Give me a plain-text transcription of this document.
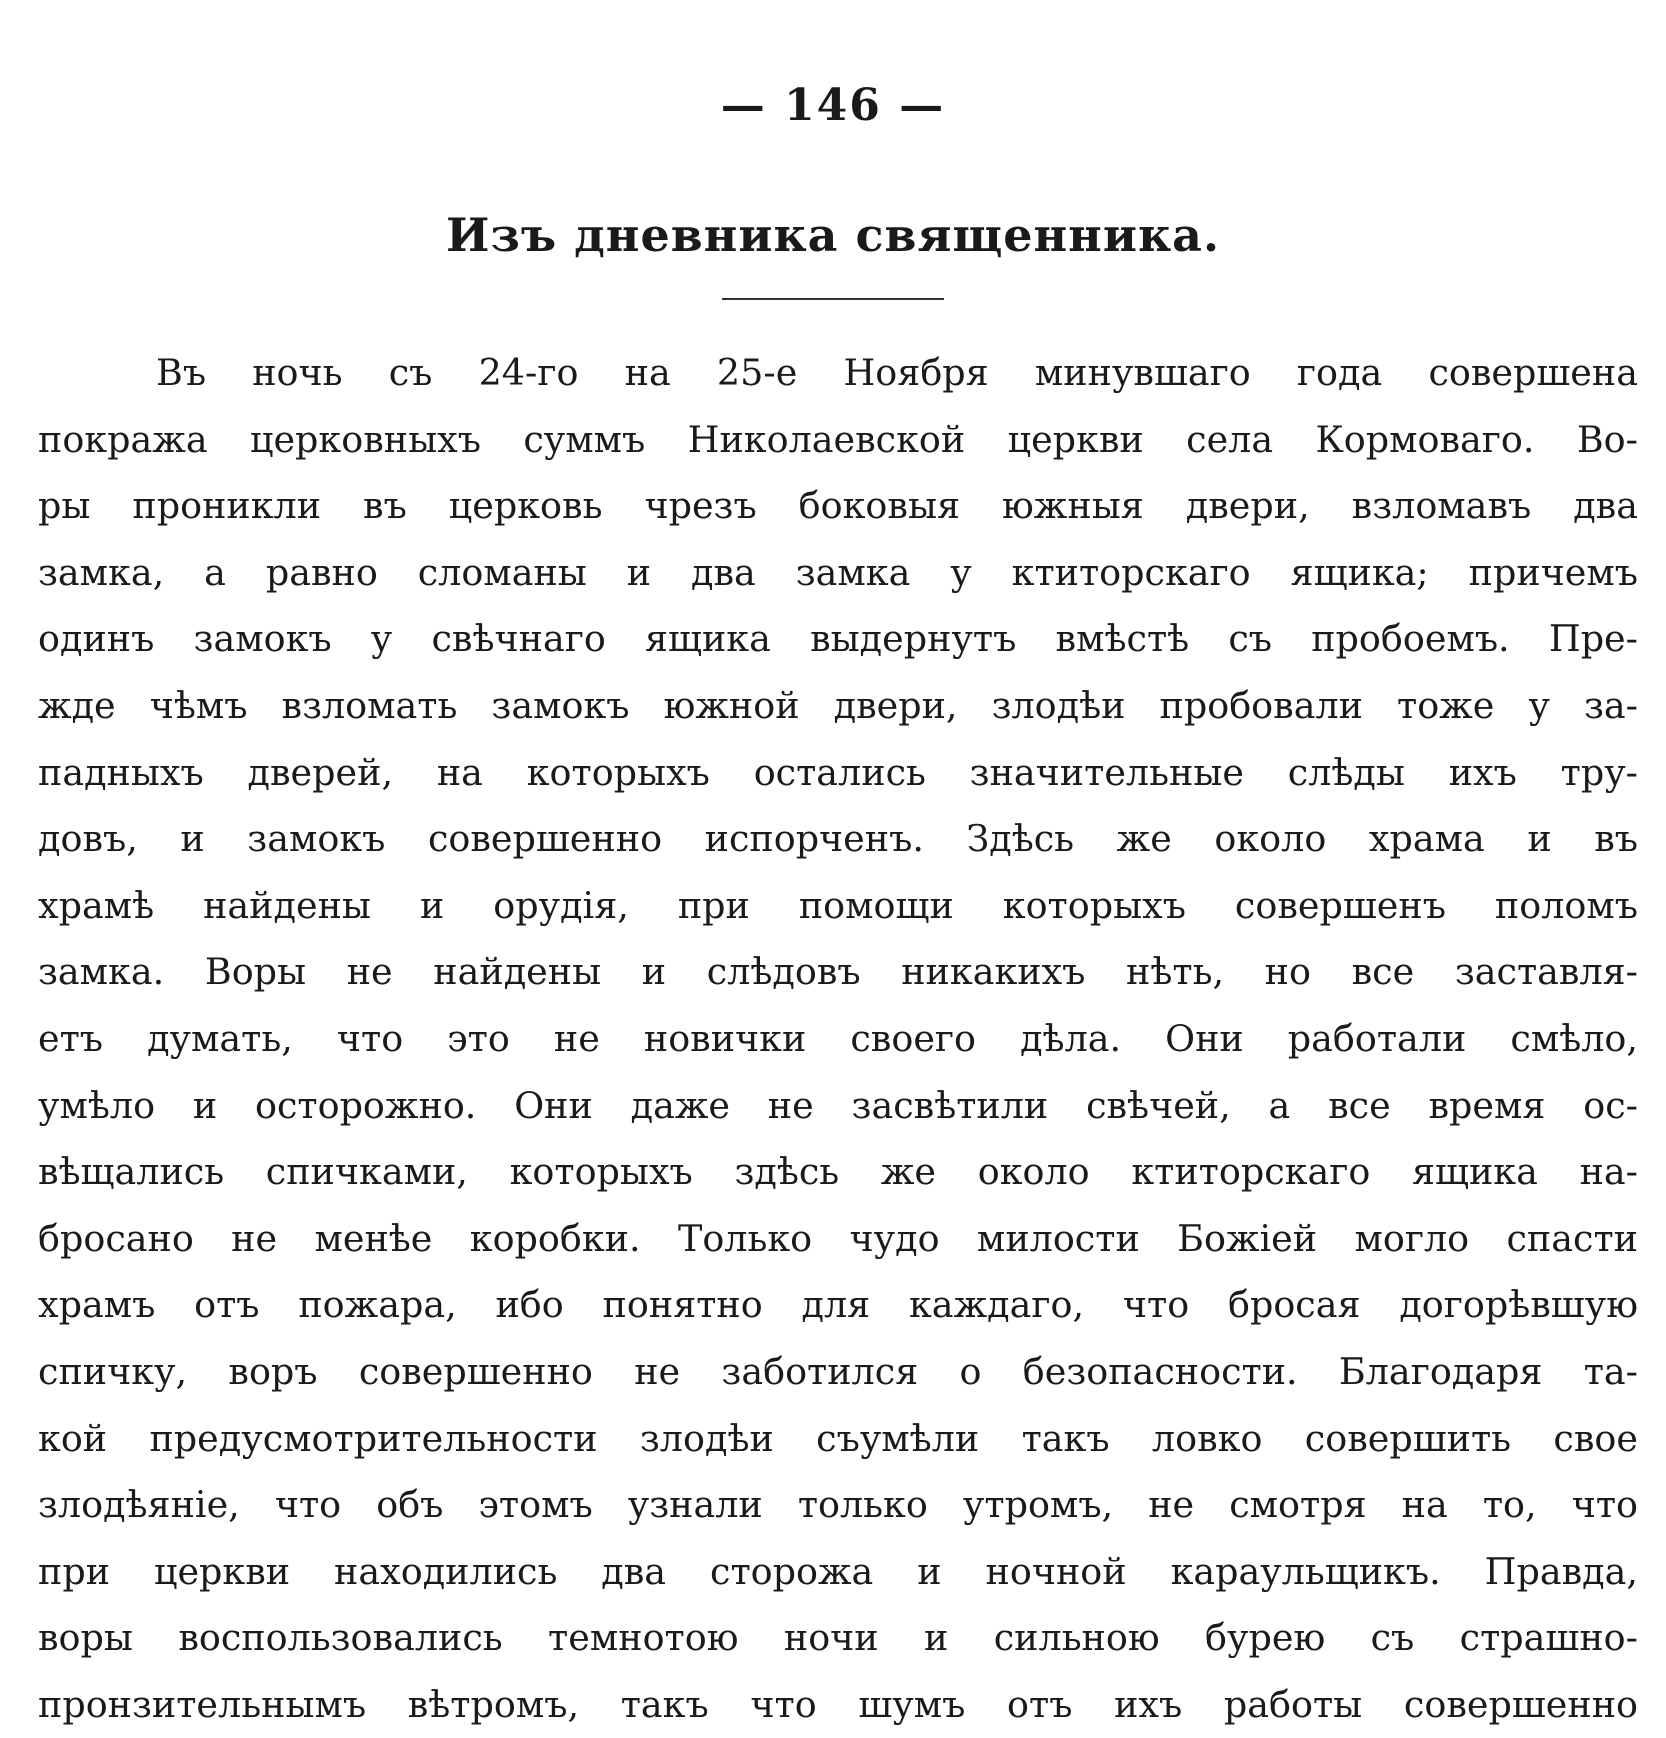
— 146 —
Изъ дневника священника.
Въ ночь съ 24-го на 25-е Ноября минувшаго года совершена
покража церковныхъ суммъ Николаевской церкви села Кормоваго. Во-
ры проникли въ церковь чрезъ боковыя южныя двери, взломавъ два
замка, а равно сломаны и два замка у ктиторскаго ящика; причемъ
одинъ замокъ у свѣчнаго ящика выдернутъ вмѣстѣ съ пробоемъ. Пре-
жде чѣмъ взломать замокъ южной двери, злодѣи пробовали тоже у за-
падныхъ дверей, на которыхъ остались значительные слѣды ихъ тру-
довъ, и замокъ совершенно испорченъ. Здѣсь же около храма и въ
храмѣ найдены и орудія, при помощи которыхъ совершенъ поломъ
замка. Воры не найдены и слѣдовъ никакихъ нѣть, но все заставля-
етъ думать, что это не новички своего дѣла. Они работали смѣло,
умѣло и осторожно. Они даже не засвѣтили свѣчей, а все время ос-
вѣщались спичками, которыхъ здѣсь же около ктиторскаго ящика на-
бросано не менѣе коробки. Только чудо милости Божіей могло спасти
храмъ отъ пожара, ибо понятно для каждаго, что бросая догорѣвшую
спичку, воръ совершенно не заботился о безопасности. Благодаря та-
кой предусмотрительности злодѣи съумѣли такъ ловко совершить свое
злодѣяніе, что объ этомъ узнали только утромъ, не смотря на то, что
при церкви находились два сторожа и ночной караульщикъ. Правда,
воры воспользовались темнотою ночи и сильною бурею съ страшно-
пронзительнымъ вѣтромъ, такъ что шумъ отъ ихъ работы совершенно
